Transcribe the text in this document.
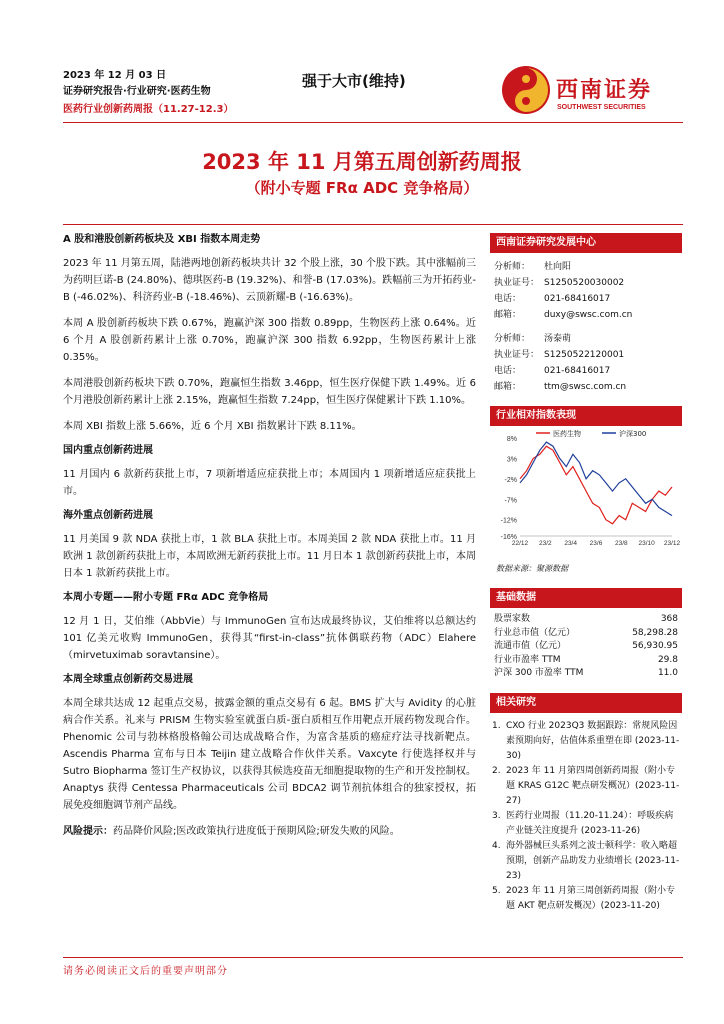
2023 年 12 月 03 日
证券研究报告·行业研究·医药生物
医药行业创新药周报（11.27-12.3）
强于大市(维持)	西南证券
SOUTHWEST SECURITIES
2023 年 11 月第五周创新药周报
（附小专题 FRα ADC 竞争格局）
A 股和港股创新药板块及 XBI 指数本周走势

2023 年 11 月第五周，陆港两地创新药板块共计 32 个股上涨，30 个股下跌。其中涨幅前三为药明巨诺-B (24.80%)、德琪医药-B (19.32%)、和誉-B (17.03%)。跌幅前三为开拓药业-B (-46.02%)、科济药业-B (-18.46%)、云顶新耀-B (-16.63%)。

本周 A 股创新药板块下跌 0.67%，跑赢沪深 300 指数 0.89pp，生物医药上涨 0.64%。近 6 个月 A 股创新药累计上涨 0.70%，跑赢沪深 300 指数 6.92pp，生物医药累计上涨 0.35%。

本周港股创新药板块下跌 0.70%，跑赢恒生指数 3.46pp，恒生医疗保健下跌 1.49%。近 6 个月港股创新药累计上涨 2.15%，跑赢恒生指数 7.24pp，恒生医疗保健累计下跌 1.10%。

本周 XBI 指数上涨 5.66%，近 6 个月 XBI 指数累计下跌 8.11%。

国内重点创新药进展

11 月国内 6 款新药获批上市，7 项新增适应症获批上市；本周国内 1 项新增适应症获批上市。

海外重点创新药进展

11 月美国 9 款 NDA 获批上市，1 款 BLA 获批上市。本周美国 2 款 NDA 获批上市。11 月欧洲 1 款创新药获批上市，本周欧洲无新药获批上市。11 月日本 1 款创新药获批上市，本周日本 1 款新药获批上市。

本周小专题——附小专题 FRα ADC 竞争格局

12 月 1 日，艾伯维（AbbVie）与 ImmunoGen 宣布达成最终协议，艾伯维将以总额达约 101 亿美元收购 ImmunoGen，获得其“first-in-class”抗体偶联药物（ADC）Elahere（mirvetuximab soravtansine）。

本周全球重点创新药交易进展

本周全球共达成 12 起重点交易，披露金额的重点交易有 6 起。BMS 扩大与 Avidity 的心脏病合作关系。礼来与 PRISM 生物实验室就蛋白质-蛋白质相互作用靶点开展药物发现合作。Phenomic 公司与勃林格殷格翰公司达成战略合作，为富含基质的癌症疗法寻找新靶点。Ascendis Pharma 宣布与日本 Teijin 建立战略合作伙伴关系。Vaxcyte 行使选择权并与 Sutro Biopharma 签订生产权协议，以获得其候选疫苗无细胞提取物的生产和开发控制权。Anaptys 获得 Centessa Pharmaceuticals 公司 BDCA2 调节剂抗体组合的独家授权，拓展免疫细胞调节剂产品线。

风险提示：药品降价风险;医改政策执行进度低于预期风险;研发失败的风险。

西南证券研究发展中心
分析师：	杜向阳
执业证号： S1250520030002
电话：	021-68416017
邮箱：	duxy@swsc.com.cn
分析师：	汤泰萌
执业证号： S1250522120001
电话：	021-68416017
邮箱：	ttm@swsc.com.cn
行业相对指数表现
8%
3%
-2%
-7%
-12%
-16%
22/12 23/2 23/4 23/6 23/8 23/10 23/12
医药生物	沪深300
数据来源：聚源数据
基础数据
股票家数	368
行业总市值（亿元）	58,298.28
流通市值（亿元）	56,930.95
行业市盈率 TTM	29.8
沪深 300 市盈率 TTM	11.0
相关研究
1. CXO 行业 2023Q3 数据跟踪：常规风险因素预期向好，估值体系重塑在即 (2023-11-30)
2. 2023 年 11 月第四周创新药周报（附小专题 KRAS G12C 靶点研发概况）(2023-11-27)
3. 医药行业周报（11.20-11.24）：呼吸疾病产业链关注度提升 (2023-11-26)
4. 海外器械巨头系列之波士顿科学：收入略超预期，创新产品助发力业绩增长 (2023-11-23)
5. 2023 年 11 月第三周创新药周报（附小专题 AKT 靶点研发概况）(2023-11-20)
请务必阅读正文后的重要声明部分
